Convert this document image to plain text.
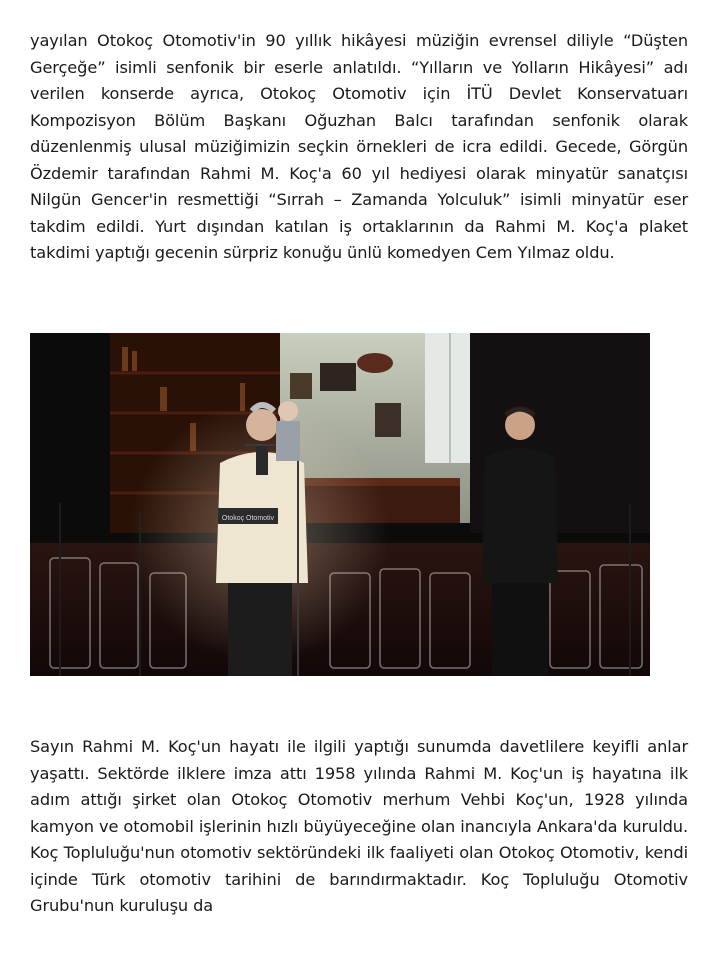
yayılan Otokoç Otomotiv'in 90 yıllık hikâyesi müziğin evrensel diliyle “Düşten Gerçeğe” isimli senfonik bir eserle anlatıldı. “Yılların ve Yolların Hikâyesi” adı verilen konserde ayrıca, Otokoç Otomotiv için İTÜ Devlet Konservatuarı Kompozisyon Bölüm Başkanı Oğuzhan Balcı tarafından senfonik olarak düzenlenmiş ulusal müziğimizin seçkin örnekleri de icra edildi. Gecede, Görgün Özdemir tarafından Rahmi M. Koç'a 60 yıl hediyesi olarak minyatür sanatçısı Nilgün Gencer'in resmettiği “Sırrah – Zamanda Yolculuk” isimli minyatür eser takdim edildi. Yurt dışından katılan iş ortaklarının da Rahmi M. Koç'a plaket takdimi yaptığı gecenin sürpriz konuğu ünlü komedyen Cem Yılmaz oldu.

Otokoç Otomotiv

Sayın Rahmi M. Koç'un hayatı ile ilgili yaptığı sunumda davetlilere keyifli anlar yaşattı. Sektörde ilklere imza attı 1958 yılında Rahmi M. Koç'un iş hayatına ilk adım attığı şirket olan Otokoç Otomotiv merhum Vehbi Koç'un, 1928 yılında kamyon ve otomobil işlerinin hızlı büyüyeceğine olan inancıyla Ankara'da kuruldu. Koç Topluluğu'nun otomotiv sektöründeki ilk faaliyeti olan Otokoç Otomotiv, kendi içinde Türk otomotiv tarihini de barındırmaktadır. Koç Topluluğu Otomotiv Grubu'nun kuruluşu da
